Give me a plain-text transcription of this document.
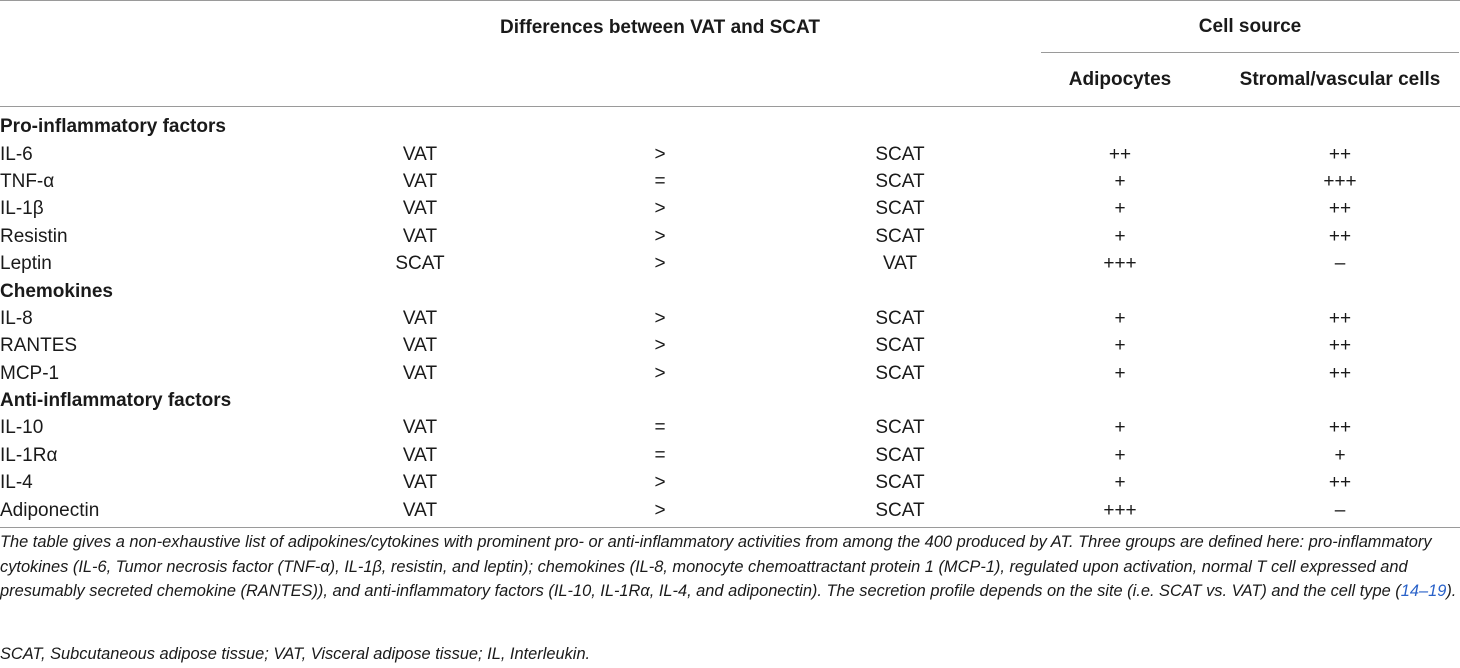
	Differences between VAT and SCAT			Cell source	

				Adipocytes	Stromal/vascular cells
Pro-inflammatory factors					
IL-6	VAT	>	SCAT	++	++
TNF-α	VAT	=	SCAT	+	+++
IL-1β	VAT	>	SCAT	+	++
Resistin	VAT	>	SCAT	+	++
Leptin	SCAT	>	VAT	+++	–
Chemokines					
IL-8	VAT	>	SCAT	+	++
RANTES	VAT	>	SCAT	+	++
MCP-1	VAT	>	SCAT	+	++
Anti-inflammatory factors					
IL-10	VAT	=	SCAT	+	++
IL-1Rα	VAT	=	SCAT	+	+
IL-4	VAT	>	SCAT	+	++
Adiponectin	VAT	>	SCAT	+++	–
The table gives a non-exhaustive list of adipokines/cytokines with prominent pro- or anti-inflammatory activities from among the 400 produced by AT. Three groups are defined here: pro-inflammatory cytokines (IL-6, Tumor necrosis factor (TNF-α), IL-1β, resistin, and leptin); chemokines (IL-8, monocyte chemoattractant protein 1 (MCP-1), regulated upon activation, normal T cell expressed and presumably secreted chemokine (RANTES)), and anti-inflammatory factors (IL-10, IL-1Rα, IL-4, and adiponectin). The secretion profile depends on the site (i.e. SCAT vs. VAT) and the cell type (14–19).
SCAT, Subcutaneous adipose tissue; VAT, Visceral adipose tissue; IL, Interleukin.
